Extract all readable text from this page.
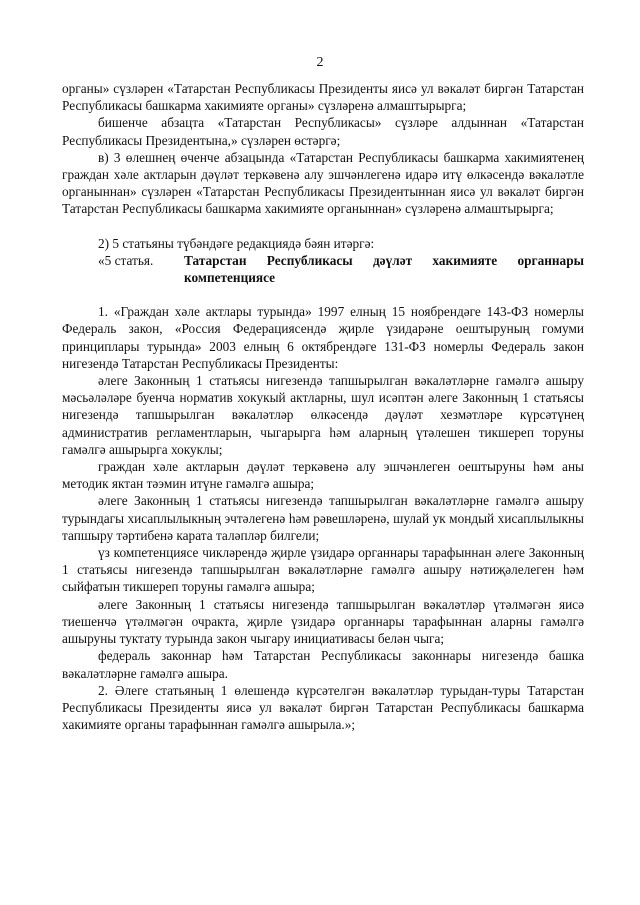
2

органы» сүзләрен «Татарстан Республикасы Президенты яисә ул вәкаләт биргән Татарстан Республикасы башкарма хакимияте органы» сүзләренә алмаштырырга;

бишенче абзацта «Татарстан Республикасы» сүзләре алдыннан «Татарстан Республикасы Президентына,» сүзләрен өстәргә;

в) 3 өлешнең өченче абзацында «Татарстан Республикасы башкарма хакимиятенең граждан хәле актларын дәүләт теркәвенә алу эшчәнлегенә идарә итү өлкәсендә вәкаләтле органыннан» сүзләрен «Татарстан Республикасы Президентыннан яисә ул вәкаләт биргән Татарстан Республикасы башкарма хакимияте органыннан» сүзләренә алмаштырырга;

2) 5 статьяны түбәндәге редакциядә бәян итәргә:

«5 статья.	Татарстан Республикасы дәүләт хакимияте органнары компетенциясе

1. «Граждан хәле актлары турында» 1997 елның 15 ноябрендәге 143-ФЗ номерлы Федераль закон, «Россия Федерациясендә җирле үзидарәне оештыруның гомуми принциплары турында» 2003 елның 6 октябрендәге 131-ФЗ номерлы Федераль закон нигезендә Татарстан Республикасы Президенты:

әлеге Законның 1 статьясы нигезендә тапшырылган вәкаләтләрне гамәлгә ашыру мәсьәләләре буенча норматив хокукый актларны, шул исәптән әлеге Законның 1 статьясы нигезендә тапшырылган вәкаләтләр өлкәсендә дәүләт хезмәтләре күрсәтүнең административ регламентларын, чыгарырга һәм аларның үтәлешен тикшереп торуны гамәлгә ашырырга хокуклы;

граждан хәле актларын дәүләт теркәвенә алу эшчәнлеген оештыруны һәм аны методик яктан тәэмин итүне гамәлгә ашыра;

әлеге Законның 1 статьясы нигезендә тапшырылган вәкаләтләрне гамәлгә ашыру турындагы хисаплылыкның эчтәлегенә һәм рәвешләренә, шулай ук мондый хисаплылыкны тапшыру тәртибенә карата таләпләр билгели;

үз компетенциясе чикләрендә җирле үзидарә органнары тарафыннан әлеге Законның 1 статьясы нигезендә тапшырылган вәкаләтләрне гамәлгә ашыру нәтиҗәлелеген һәм сыйфатын тикшереп торуны гамәлгә ашыра;

әлеге Законның 1 статьясы нигезендә тапшырылган вәкаләтләр үтәлмәгән яисә тиешенчә үтәлмәгән очракта, җирле үзидарә органнары тарафыннан аларны гамәлгә ашыруны туктату турында закон чыгару инициативасы белән чыга;

федераль законнар һәм Татарстан Республикасы законнары нигезендә башка вәкаләтләрне гамәлгә ашыра.

2. Әлеге статьяның 1 өлешендә күрсәтелгән вәкаләтләр турыдан-туры Татарстан Республикасы Президенты яисә ул вәкаләт биргән Татарстан Республикасы башкарма хакимияте органы тарафыннан гамәлгә ашырыла.»;
